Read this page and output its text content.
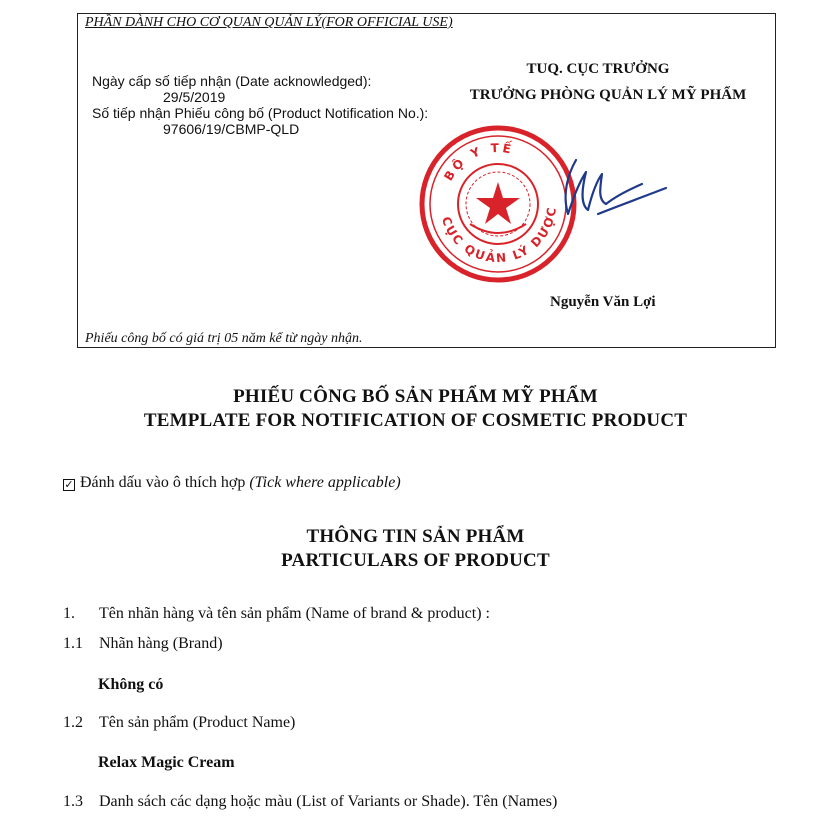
PHẦN DÀNH CHO CƠ QUAN QUẢN LÝ(FOR OFFICIAL USE)
Ngày cấp số tiếp nhận (Date acknowledged):
29/5/2019
Số tiếp nhận Phiếu công bố (Product Notification No.):
97606/19/CBMP-QLD
TUQ. CỤC TRƯỞNG
TRƯỞNG PHÒNG QUẢN LÝ MỸ PHẨM
BỘ Y TẾ
CỤC QUẢN LÝ DƯỢC
Nguyễn Văn Lợi
Phiếu công bố có giá trị 05 năm kể từ ngày nhận.
PHIẾU CÔNG BỐ SẢN PHẨM MỸ PHẨM
TEMPLATE FOR NOTIFICATION OF COSMETIC PRODUCT
✓ Đánh dấu vào ô thích hợp (Tick where applicable)
THÔNG TIN SẢN PHẨM
PARTICULARS OF PRODUCT
1. Tên nhãn hàng và tên sản phẩm (Name of brand & product) :
1.1 Nhãn hàng (Brand)
Không có
1.2 Tên sản phẩm (Product Name)
Relax Magic Cream
1.3 Danh sách các dạng hoặc màu (List of Variants or Shade). Tên (Names)
